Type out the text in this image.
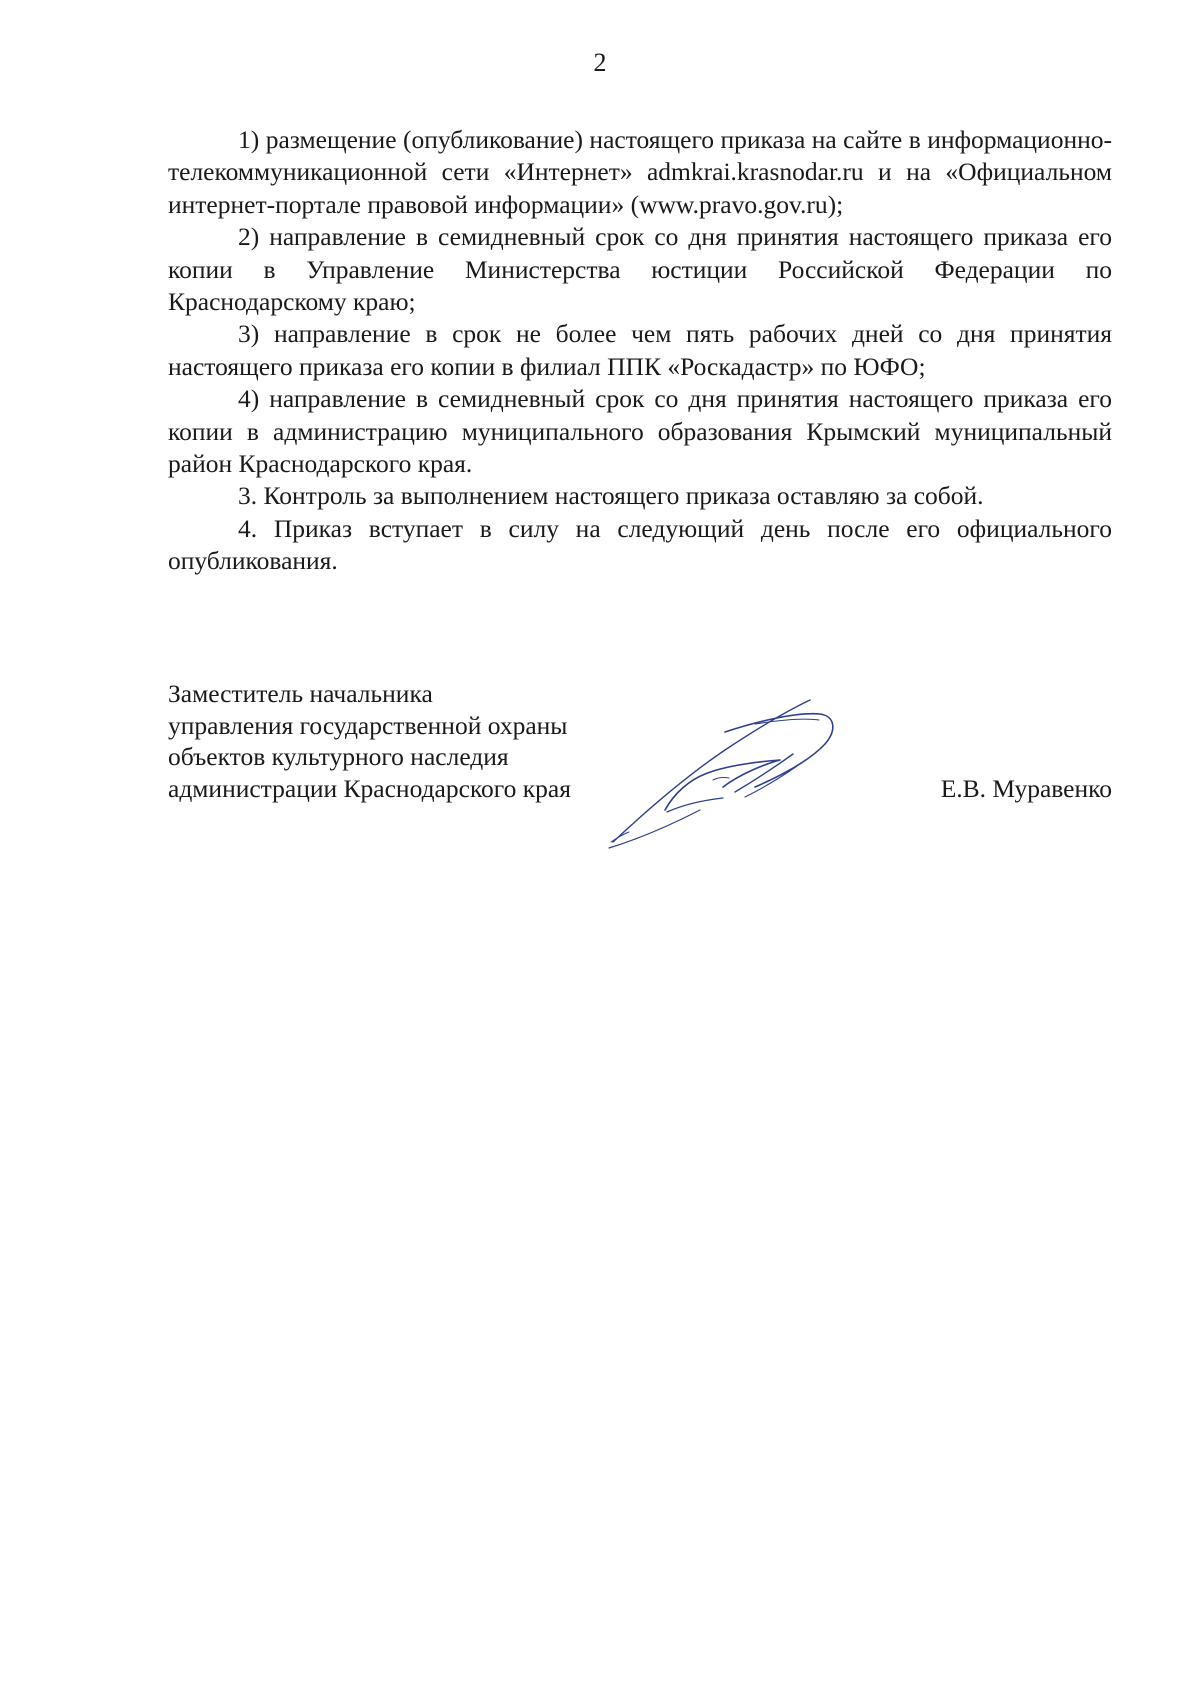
2

1) размещение (опубликование) настоящего приказа на сайте в информационно-телекоммуникационной сети «Интернет» admkrai.krasnodar.ru и на «Официальном интернет-портале правовой информации» (www.pravo.gov.ru);

2) направление в семидневный срок со дня принятия настоящего приказа его копии в Управление Министерства юстиции Российской Федерации по Краснодарскому краю;

3) направление в срок не более чем пять рабочих дней со дня принятия настоящего приказа его копии в филиал ППК «Роскадастр» по ЮФО;

4) направление в семидневный срок со дня принятия настоящего приказа его копии в администрацию муниципального образования Крымский муниципальный район Краснодарского края.

3. Контроль за выполнением настоящего приказа оставляю за собой.

4. Приказ вступает в силу на следующий день после его официального опубликования.

Заместитель начальника
управления государственной охраны
объектов культурного наследия
администрации Краснодарского края	Е.В. Муравенко
